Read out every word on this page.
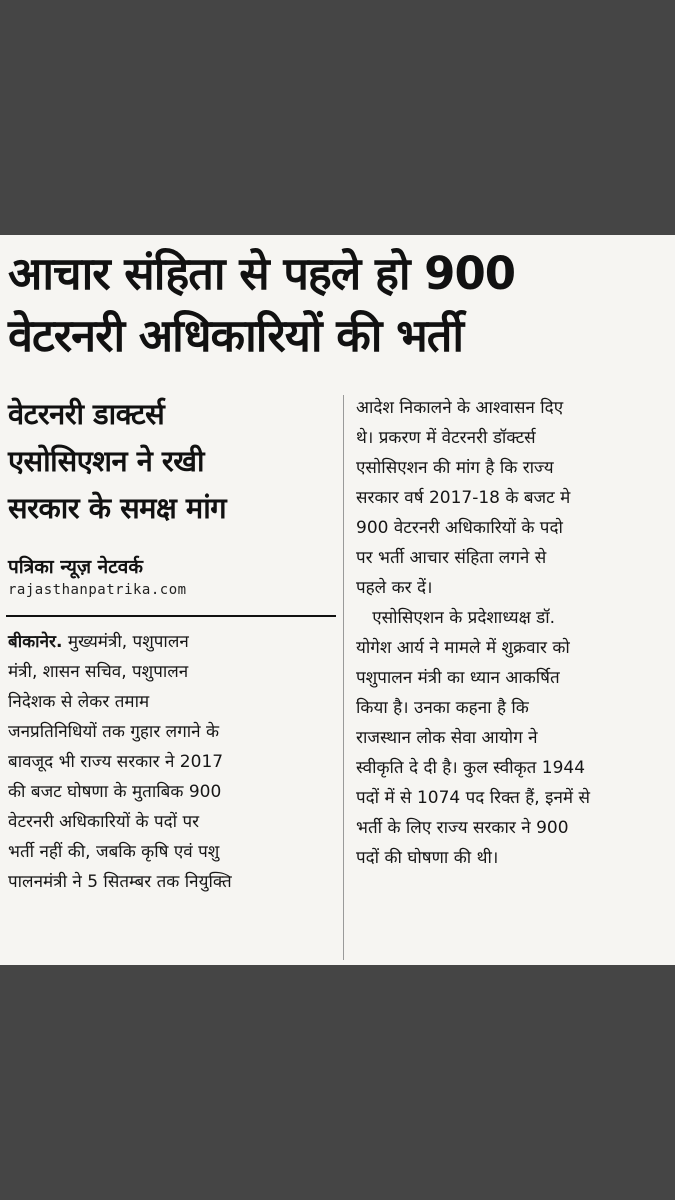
आचार संहिता से पहले हो 900
वेटरनरी अधिकारियों की भर्ती
वेटरनरी डाक्टर्स
एसोसिएशन ने रखी
सरकार के समक्ष मांग
पत्रिका न्यूज़ नेटवर्क
rajasthanpatrika.com
बीकानेर. मुख्यमंत्री, पशुपालन
मंत्री, शासन सचिव, पशुपालन
निदेशक से लेकर तमाम
जनप्रतिनिधियों तक गुहार लगाने के
बावजूद भी राज्य सरकार ने 2017
की बजट घोषणा के मुताबिक 900
वेटरनरी अधिकारियों के पदों पर
भर्ती नहीं की, जबकि कृषि एवं पशु
पालनमंत्री ने 5 सितम्बर तक नियुक्ति
आदेश निकालने के आश्वासन दिए
थे। प्रकरण में वेटरनरी डॉक्टर्स
एसोसिएशन की मांग है कि राज्य
सरकार वर्ष 2017-18 के बजट मे
900 वेटरनरी अधिकारियों के पदो
पर भर्ती आचार संहिता लगने से
पहले कर दें।
एसोसिएशन के प्रदेशाध्यक्ष डॉ.
योगेश आर्य ने मामले में शुक्रवार को
पशुपालन मंत्री का ध्यान आकर्षित
किया है। उनका कहना है कि
राजस्थान लोक सेवा आयोग ने
स्वीकृति दे दी है। कुल स्वीकृत 1944
पदों में से 1074 पद रिक्त हैं, इनमें से
भर्ती के लिए राज्य सरकार ने 900
पदों की घोषणा की थी।
